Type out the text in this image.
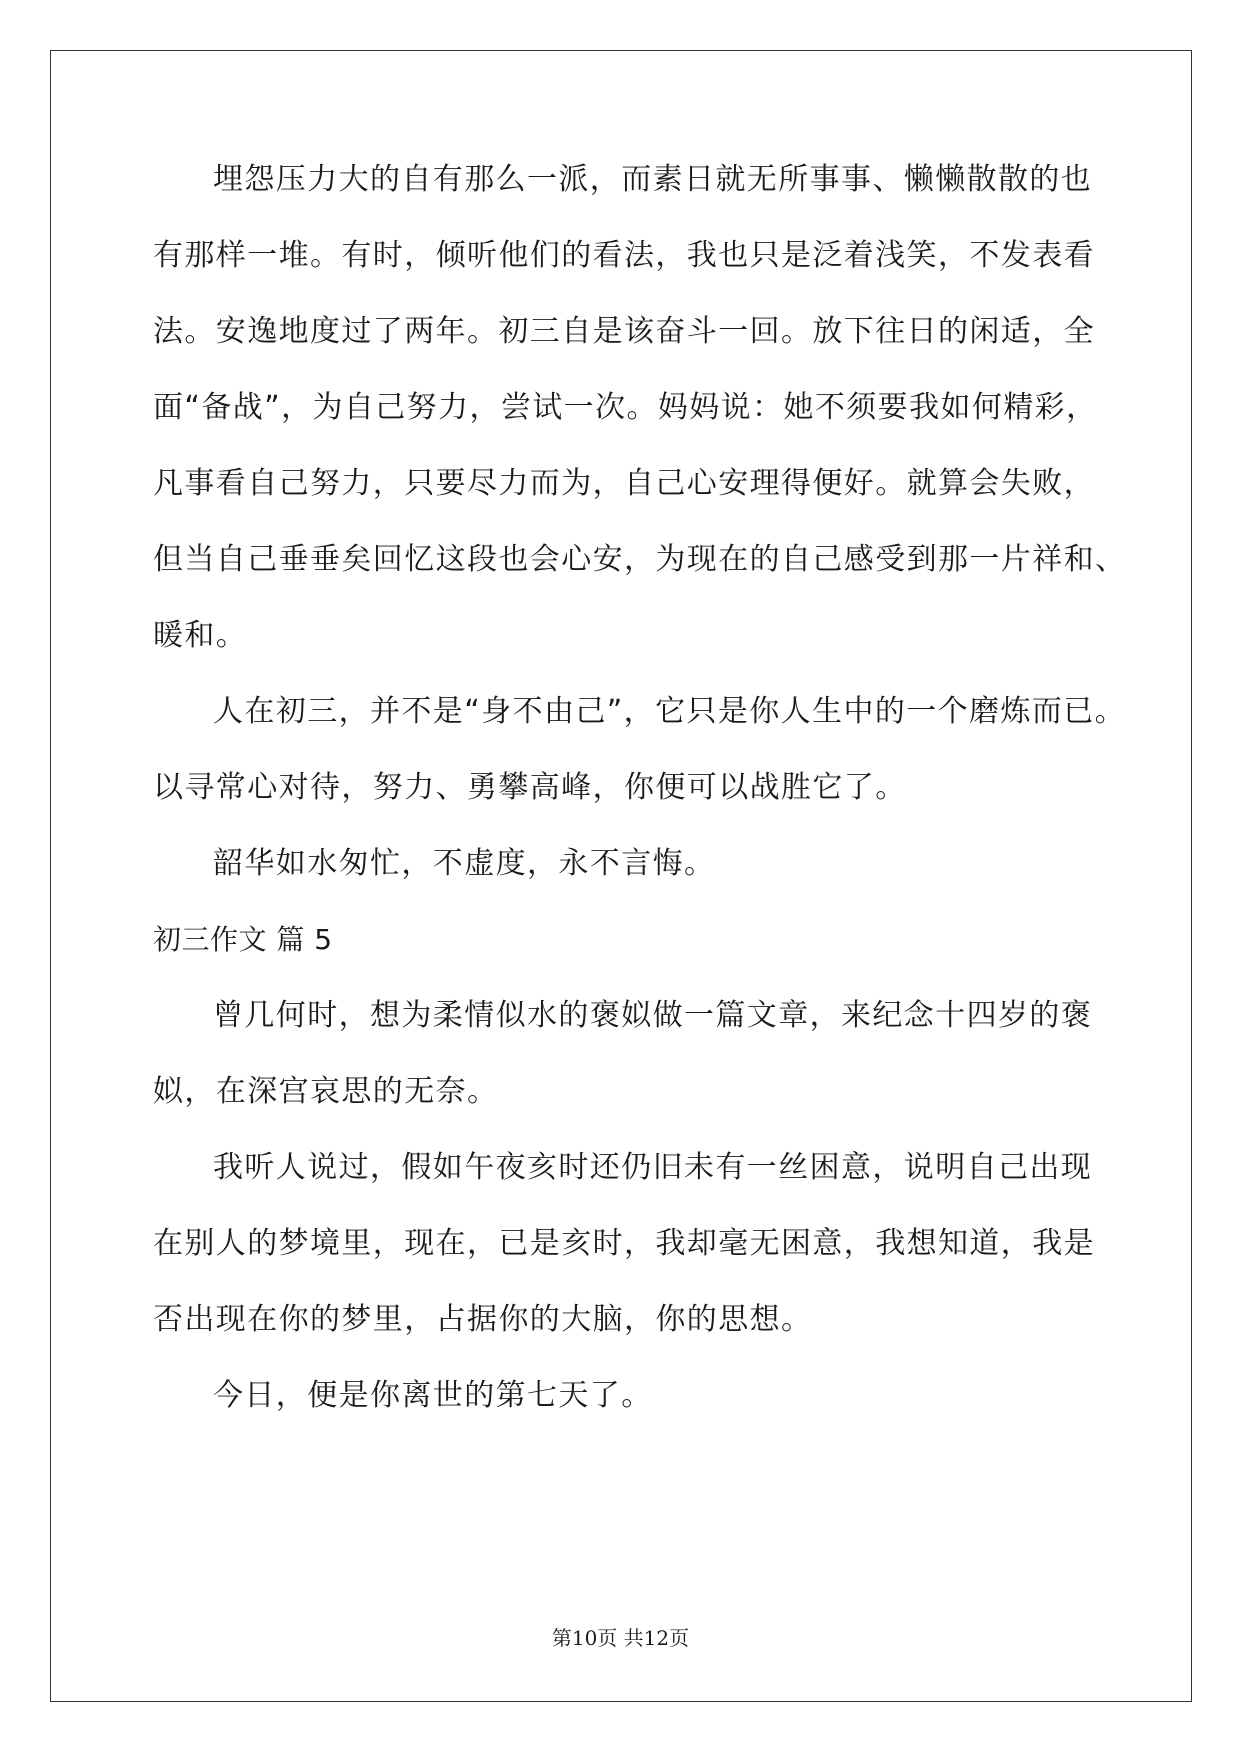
埋怨压力大的自有那么一派，而素日就无所事事、懒懒散散的也
有那样一堆。有时，倾听他们的看法，我也只是泛着浅笑，不发表看
法。安逸地度过了两年。初三自是该奋斗一回。放下往日的闲适，全
面“备战”，为自己努力，尝试一次。妈妈说：她不须要我如何精彩，
凡事看自己努力，只要尽力而为，自己心安理得便好。就算会失败，
但当自己垂垂矣回忆这段也会心安，为现在的自己感受到那一片祥和、
暖和。
人在初三，并不是“身不由己”，它只是你人生中的一个磨炼而已。
以寻常心对待，努力、勇攀高峰，你便可以战胜它了。
韶华如水匆忙，不虚度，永不言悔。
初三作文 篇 5
曾几何时，想为柔情似水的褒姒做一篇文章，来纪念十四岁的褒
姒，在深宫哀思的无奈。
我听人说过，假如午夜亥时还仍旧未有一丝困意，说明自己出现
在别人的梦境里，现在，已是亥时，我却毫无困意，我想知道，我是
否出现在你的梦里，占据你的大脑，你的思想。
今日，便是你离世的第七天了。
第10页 共12页
